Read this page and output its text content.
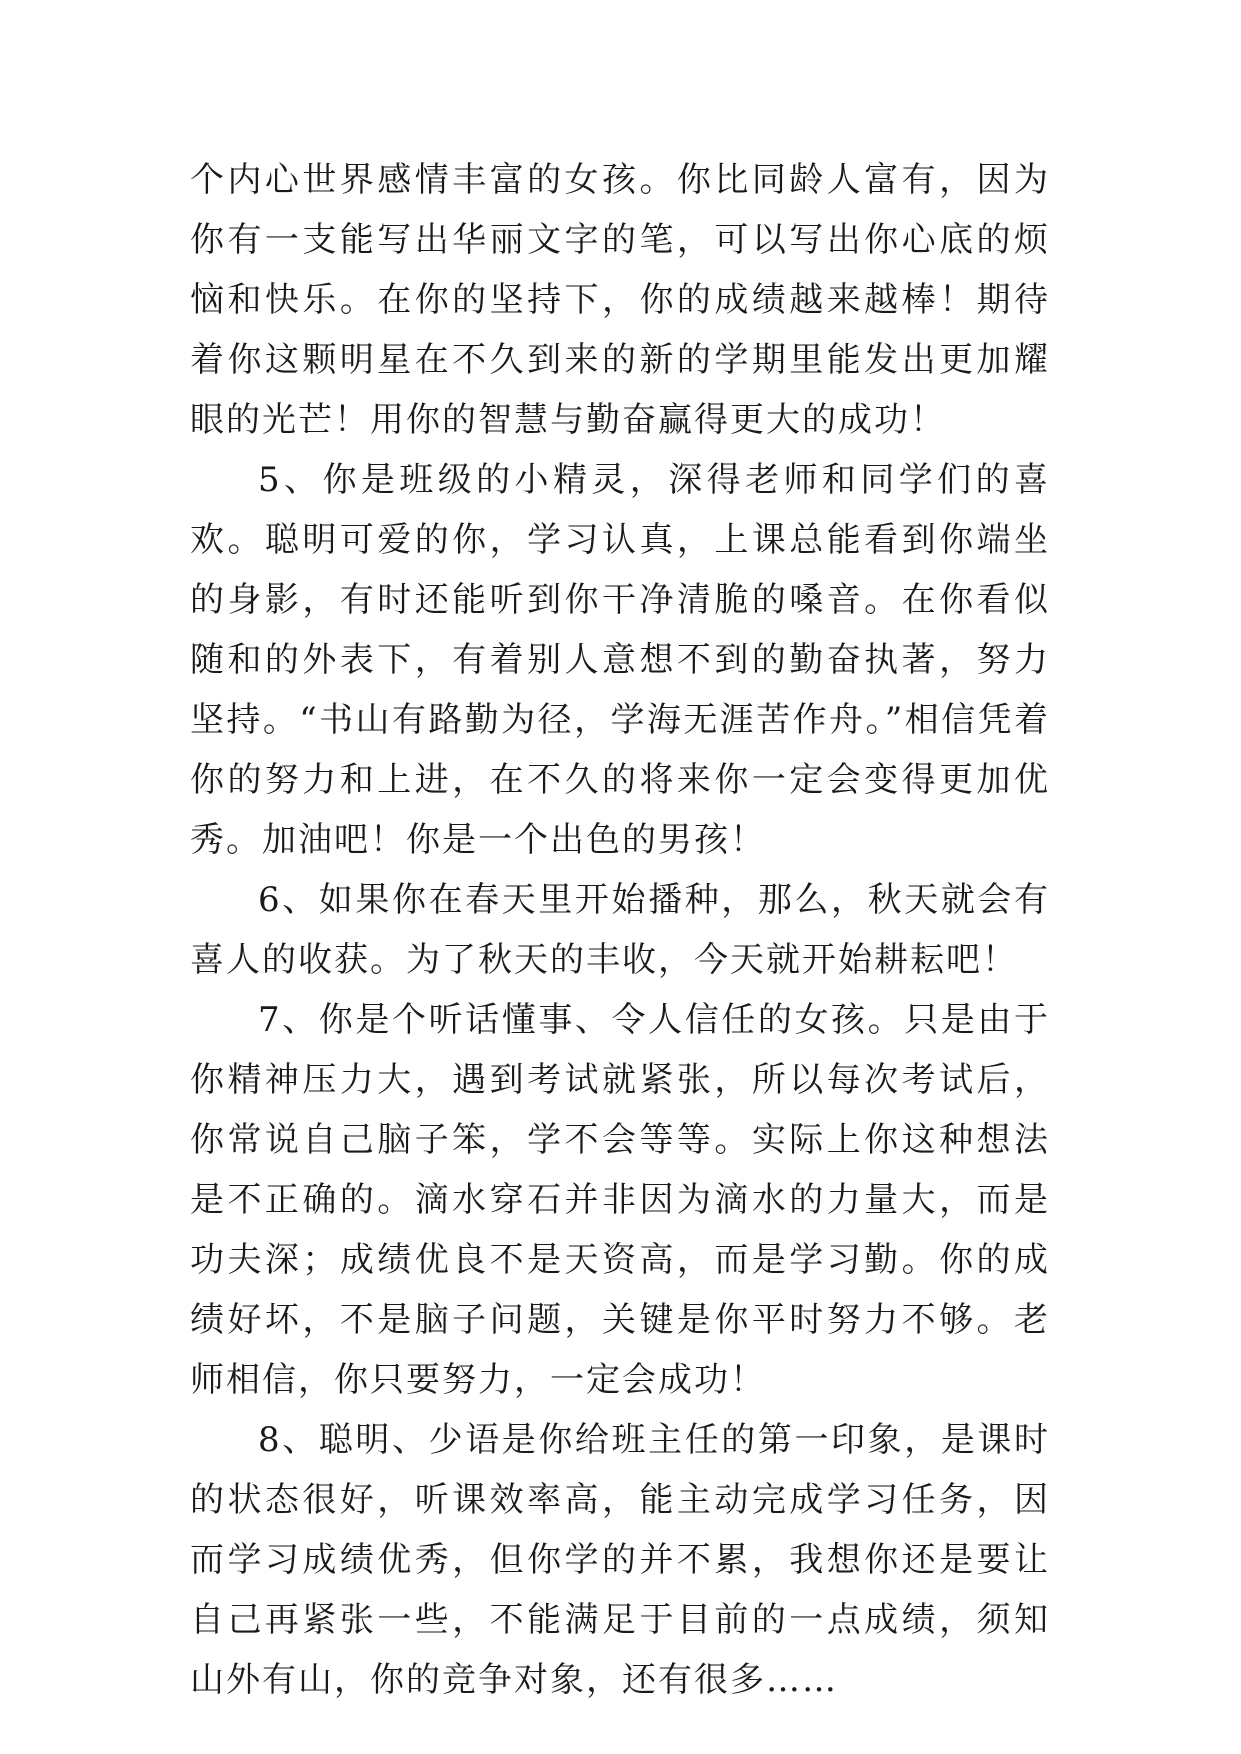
个内心世界感情丰富的女孩。你比同龄人富有，因为你有一支能写出华丽文字的笔，可以写出你心底的烦恼和快乐。在你的坚持下，你的成绩越来越棒！期待着你这颗明星在不久到来的新的学期里能发出更加耀眼的光芒！用你的智慧与勤奋赢得更大的成功！

5、你是班级的小精灵，深得老师和同学们的喜欢。聪明可爱的你，学习认真，上课总能看到你端坐的身影，有时还能听到你干净清脆的嗓音。在你看似随和的外表下，有着别人意想不到的勤奋执著，努力坚持。“书山有路勤为径，学海无涯苦作舟。”相信凭着你的努力和上进，在不久的将来你一定会变得更加优秀。加油吧！你是一个出色的男孩！

6、如果你在春天里开始播种，那么，秋天就会有喜人的收获。为了秋天的丰收，今天就开始耕耘吧！

7、你是个听话懂事、令人信任的女孩。只是由于你精神压力大，遇到考试就紧张，所以每次考试后，你常说自己脑子笨，学不会等等。实际上你这种想法是不正确的。滴水穿石并非因为滴水的力量大，而是功夫深；成绩优良不是天资高，而是学习勤。你的成绩好坏，不是脑子问题，关键是你平时努力不够。老师相信，你只要努力，一定会成功！

8、聪明、少语是你给班主任的第一印象，是课时的状态很好，听课效率高，能主动完成学习任务，因而学习成绩优秀，但你学的并不累，我想你还是要让自己再紧张一些，不能满足于目前的一点成绩，须知山外有山，你的竞争对象，还有很多……
